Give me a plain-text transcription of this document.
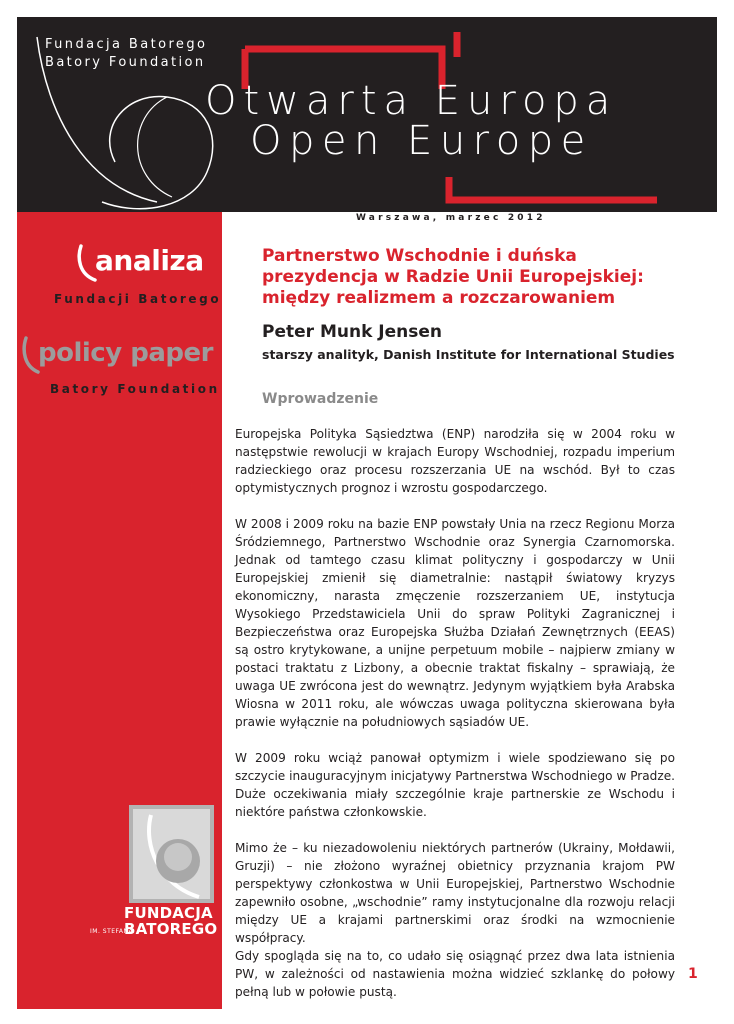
Fundacja Batorego
Batory Foundation
Otwarta Europa
Open Europe
Warszawa, marzec 2012
analiza
Fundacji Batorego
policy paper
Batory Foundation
IM. STEFANA
FUNDACJA
BATOREGO
Partnerstwo Wschodnie i duńska
prezydencja w Radzie Unii Europejskiej:
między realizmem a rozczarowaniem
Peter Munk Jensen
starszy analityk, Danish Institute for International Studies
Wprowadzenie

Europejska Polityka Sąsiedztwa (ENP) narodziła się w 2004 roku w następstwie rewolucji w krajach Europy Wschodniej, rozpadu imperium radzieckiego oraz procesu rozszerzania UE na wschód. Był to czas optymistycznych prognoz i wzrostu gospodarczego.

W 2008 i 2009 roku na bazie ENP powstały Unia na rzecz Regionu Morza Śródziemnego, Partnerstwo Wschodnie oraz Synergia Czarnomorska. Jednak od tamtego czasu klimat polityczny i gospodarczy w Unii Europejskiej zmienił się diametralnie: nastąpił światowy kryzys ekonomiczny, narasta zmęczenie rozszerzaniem UE, instytucja Wysokiego Przedstawiciela Unii do spraw Polityki Zagranicznej i Bezpieczeństwa oraz Europejska Służba Działań Zewnętrznych (EEAS) są ostro krytykowane, a unijne perpetuum mobile – najpierw zmiany w postaci traktatu z Lizbony, a obecnie traktat fiskalny – sprawiają, że uwaga UE zwrócona jest do wewnątrz. Jedynym wyjątkiem była Arabska Wiosna w 2011 roku, ale wówczas uwaga polityczna skierowana była prawie wyłącznie na południowych sąsiadów UE.

W 2009 roku wciąż panował optymizm i wiele spodziewano się po szczycie inauguracyjnym inicjatywy Partnerstwa Wschodniego w Pradze. Duże oczekiwania miały szczególnie kraje partnerskie ze Wschodu i niektóre państwa członkowskie.

Mimo że – ku niezadowoleniu niektórych partnerów (Ukrainy, Mołdawii, Gruzji) – nie złożono wyraźnej obietnicy przyznania krajom PW perspektywy członkostwa w Unii Europejskiej, Partnerstwo Wschodnie zapewniło osobne, „wschodnie” ramy instytucjonalne dla rozwoju relacji między UE a krajami partnerskimi oraz środki na wzmocnienie współpracy.

Gdy spogląda się na to, co udało się osiągnąć przez dwa lata istnienia PW, w zależności od nastawienia można widzieć szklankę do połowy pełną lub w połowie pustą.

1
